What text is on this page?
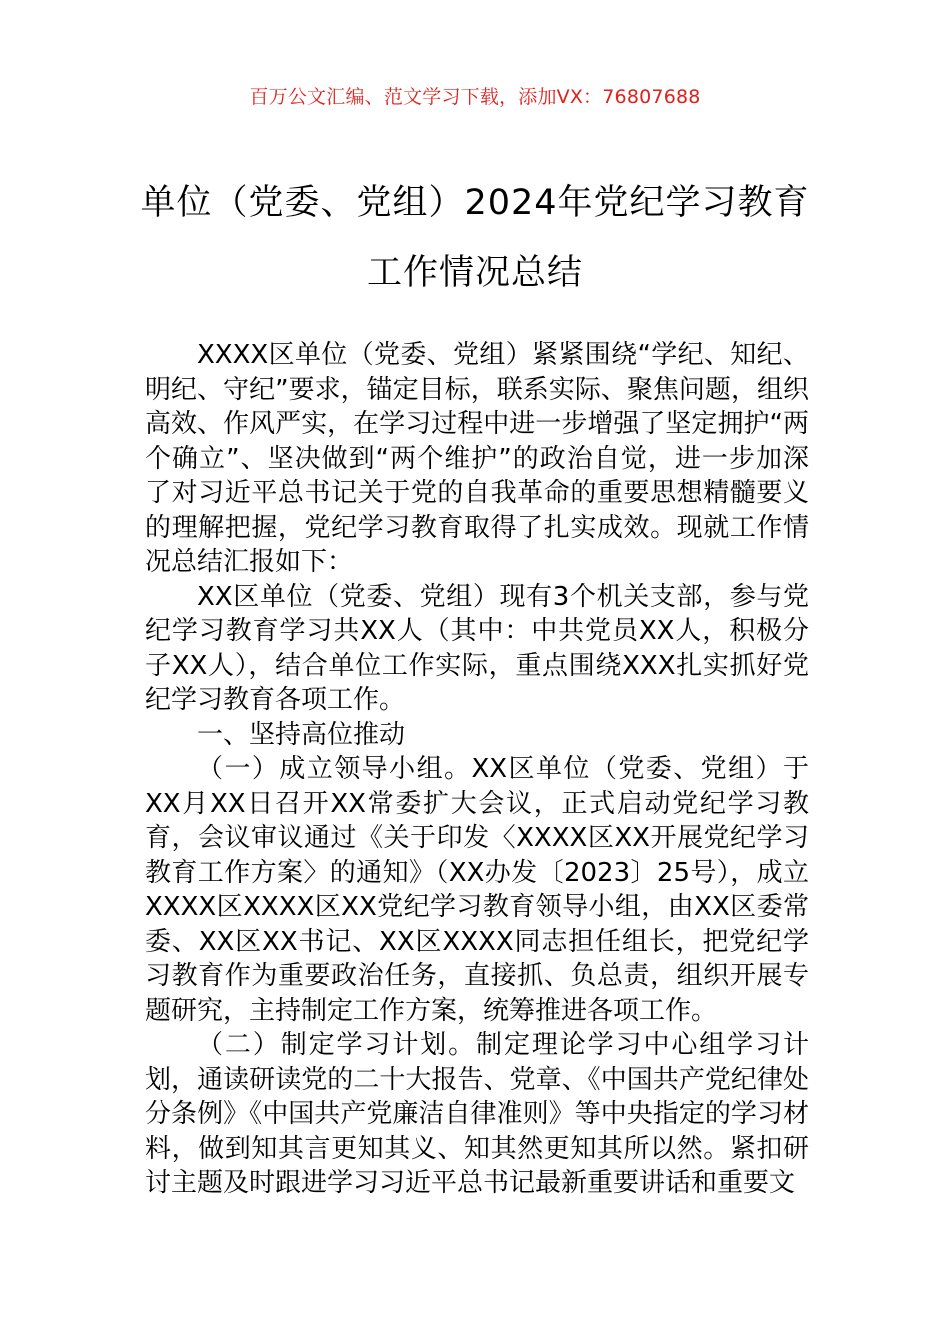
百万公文汇编、范文学习下载，添加VX：76807688
单位（党委、党组）2024年党纪学习教育
工作情况总结

XXXX区单位（党委、党组）紧紧围绕“学纪、知纪、明纪、守纪”要求，锚定目标，联系实际、聚焦问题，组织高效、作风严实，在学习过程中进一步增强了坚定拥护“两个确立”、坚决做到“两个维护”的政治自觉，进一步加深了对习近平总书记关于党的自我革命的重要思想精髓要义的理解把握，党纪学习教育取得了扎实成效。现就工作情况总结汇报如下：

XX区单位（党委、党组）现有3个机关支部，参与党纪学习教育学习共XX人（其中：中共党员XX人，积极分子XX人），结合单位工作实际，重点围绕XXX扎实抓好党纪学习教育各项工作。

一、坚持高位推动

（一）成立领导小组。XX区单位（党委、党组）于XX月XX日召开XX常委扩大会议，正式启动党纪学习教育，会议审议通过《关于印发〈XXXX区XX开展党纪学习教育工作方案〉的通知》（XX办发〔2023〕25号），成立XXXX区XXXX区XX党纪学习教育领导小组，由XX区委常委、XX区XX书记、XX区XXXX同志担任组长，把党纪学习教育作为重要政治任务，直接抓、负总责，组织开展专题研究，主持制定工作方案，统筹推进各项工作。

（二）制定学习计划。制定理论学习中心组学习计划，通读研读党的二十大报告、党章、《中国共产党纪律处分条例》《中国共产党廉洁自律准则》等中央指定的学习材料，做到知其言更知其义、知其然更知其所以然。紧扣研讨主题及时跟进学习习近平总书记最新重要讲话和重要文
